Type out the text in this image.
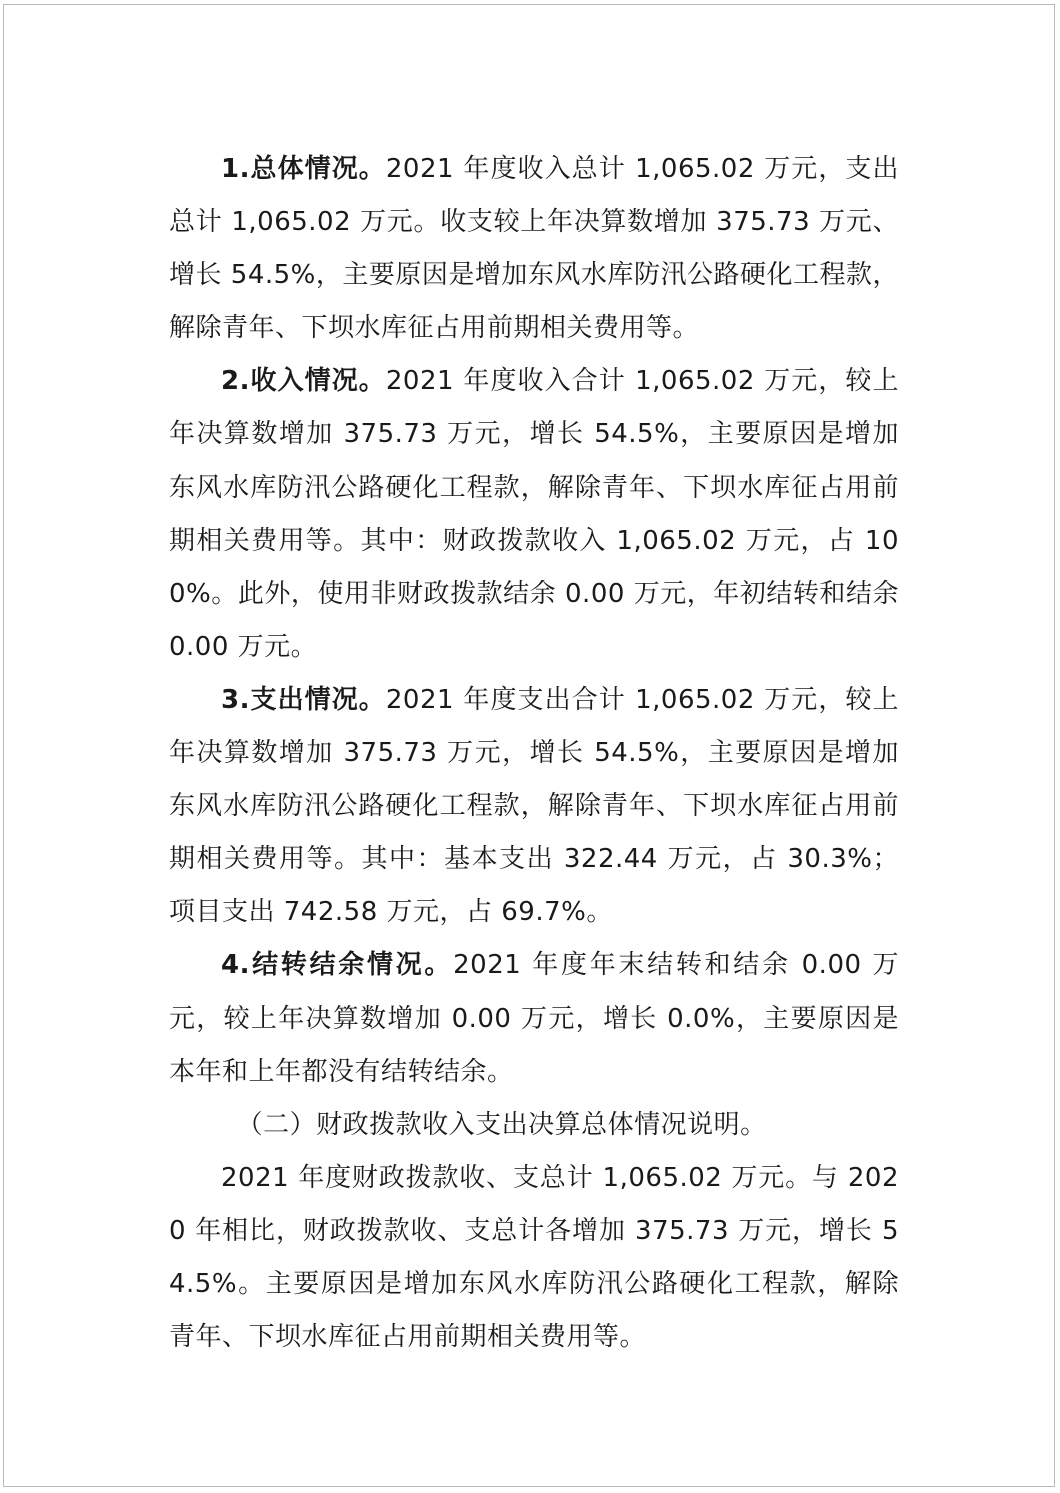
1.总体情况。2021 年度收入总计 1,065.02 万元，支出总计 1,065.02 万元。收支较上年决算数增加 375.73 万元、增长 54.5%，主要原因是增加东风水库防汛公路硬化工程款，解除青年、下坝水库征占用前期相关费用等。

2.收入情况。2021 年度收入合计 1,065.02 万元，较上年决算数增加 375.73 万元，增长 54.5%，主要原因是增加东风水库防汛公路硬化工程款，解除青年、下坝水库征占用前期相关费用等。其中：财政拨款收入 1,065.02 万元，占 100%。此外，使用非财政拨款结余 0.00 万元，年初结转和结余 0.00 万元。

3.支出情况。2021 年度支出合计 1,065.02 万元，较上年决算数增加 375.73 万元，增长 54.5%，主要原因是增加东风水库防汛公路硬化工程款，解除青年、下坝水库征占用前期相关费用等。其中：基本支出 322.44 万元，占 30.3%；项目支出 742.58 万元，占 69.7%。

4.结转结余情况。2021 年度年末结转和结余 0.00 万元，较上年决算数增加 0.00 万元，增长 0.0%，主要原因是本年和上年都没有结转结余。

（二）财政拨款收入支出决算总体情况说明。

2021 年度财政拨款收、支总计 1,065.02 万元。与 2020 年相比，财政拨款收、支总计各增加 375.73 万元，增长 54.5%。主要原因是增加东风水库防汛公路硬化工程款，解除青年、下坝水库征占用前期相关费用等。
